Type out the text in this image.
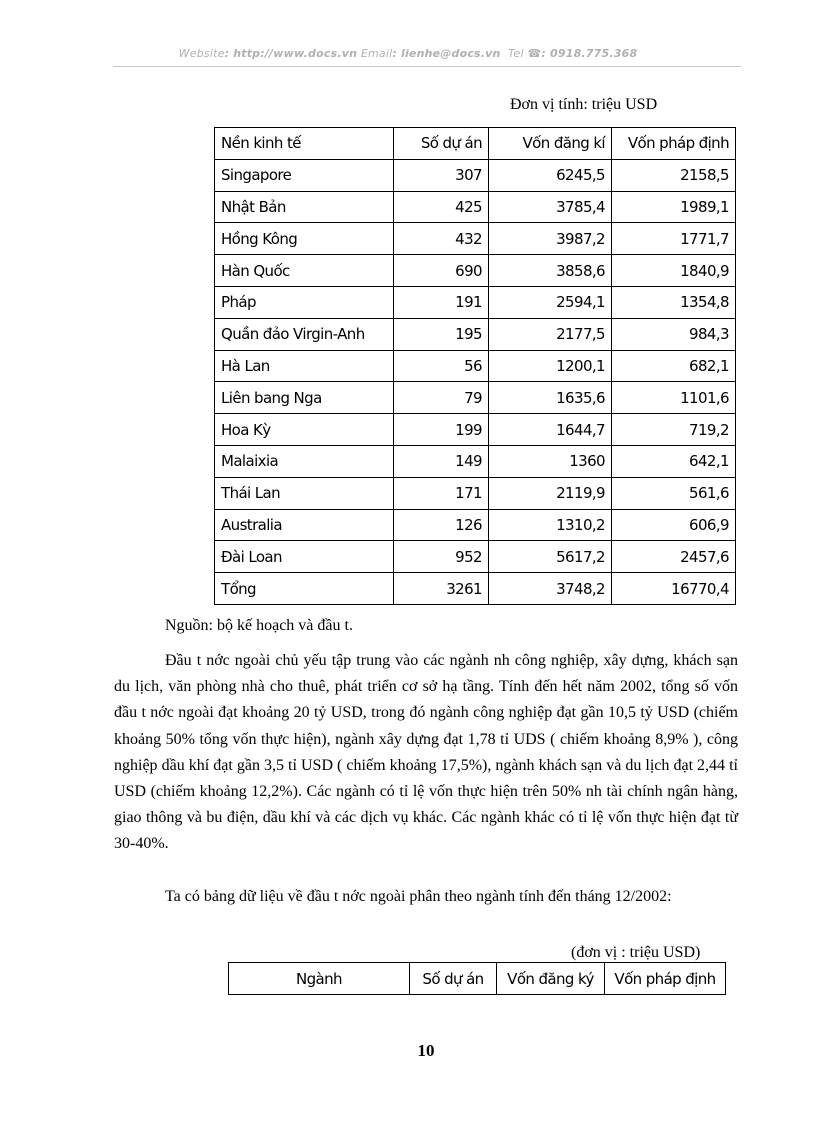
Website: http://www.docs.vn Email: lienhe@docs.vn Tel ☎: 0918.775.368
Đơn vị tính: triệu USD
Nền kinh tế	Số dự án	Vốn đăng kí	Vốn pháp định
Singapore	307	6245,5	2158,5
Nhật Bản	425	3785,4	1989,1
Hồng Kông	432	3987,2	1771,7
Hàn Quốc	690	3858,6	1840,9
Pháp	191	2594,1	1354,8
Quần đảo Virgin-Anh	195	2177,5	984,3
Hà Lan	56	1200,1	682,1
Liên bang Nga	79	1635,6	1101,6
Hoa Kỳ	199	1644,7	719,2
Malaixia	149	1360	642,1
Thái Lan	171	2119,9	561,6
Australia	126	1310,2	606,9
Đài Loan	952	5617,2	2457,6
Tổng	3261	3748,2	16770,4
Nguồn: bộ kế hoạch và đầu t.

Đầu t nớc ngoài chủ yếu tập trung vào các ngành nh công nghiệp, xây dựng, khách sạn du lịch, văn phòng nhà cho thuê, phát triển cơ sở hạ tầng. Tính đến hết năm 2002, tổng số vốn đầu t nớc ngoài đạt khoảng 20 tỷ USD, trong đó ngành công nghiệp đạt gần 10,5 tỷ USD (chiếm khoảng 50% tổng vốn thực hiện), ngành xây dựng đạt 1,78 tỉ UDS ( chiếm khoảng 8,9% ), công nghiệp dầu khí đạt gần 3,5 tỉ USD ( chiếm khoảng 17,5%), ngành khách sạn và du lịch đạt 2,44 tỉ USD (chiếm khoảng 12,2%). Các ngành có tỉ lệ vốn thực hiện trên 50% nh tài chính ngân hàng, giao thông và bu điện, dầu khí và các dịch vụ khác. Các ngành khác có tỉ lệ vốn thực hiện đạt từ 30-40%.

Ta có bảng dữ liệu về đầu t nớc ngoài phân theo ngành tính đến tháng 12/2002:

(đơn vị : triệu USD)
Ngành	Số dự án	Vốn đăng ký	Vốn pháp định
10
